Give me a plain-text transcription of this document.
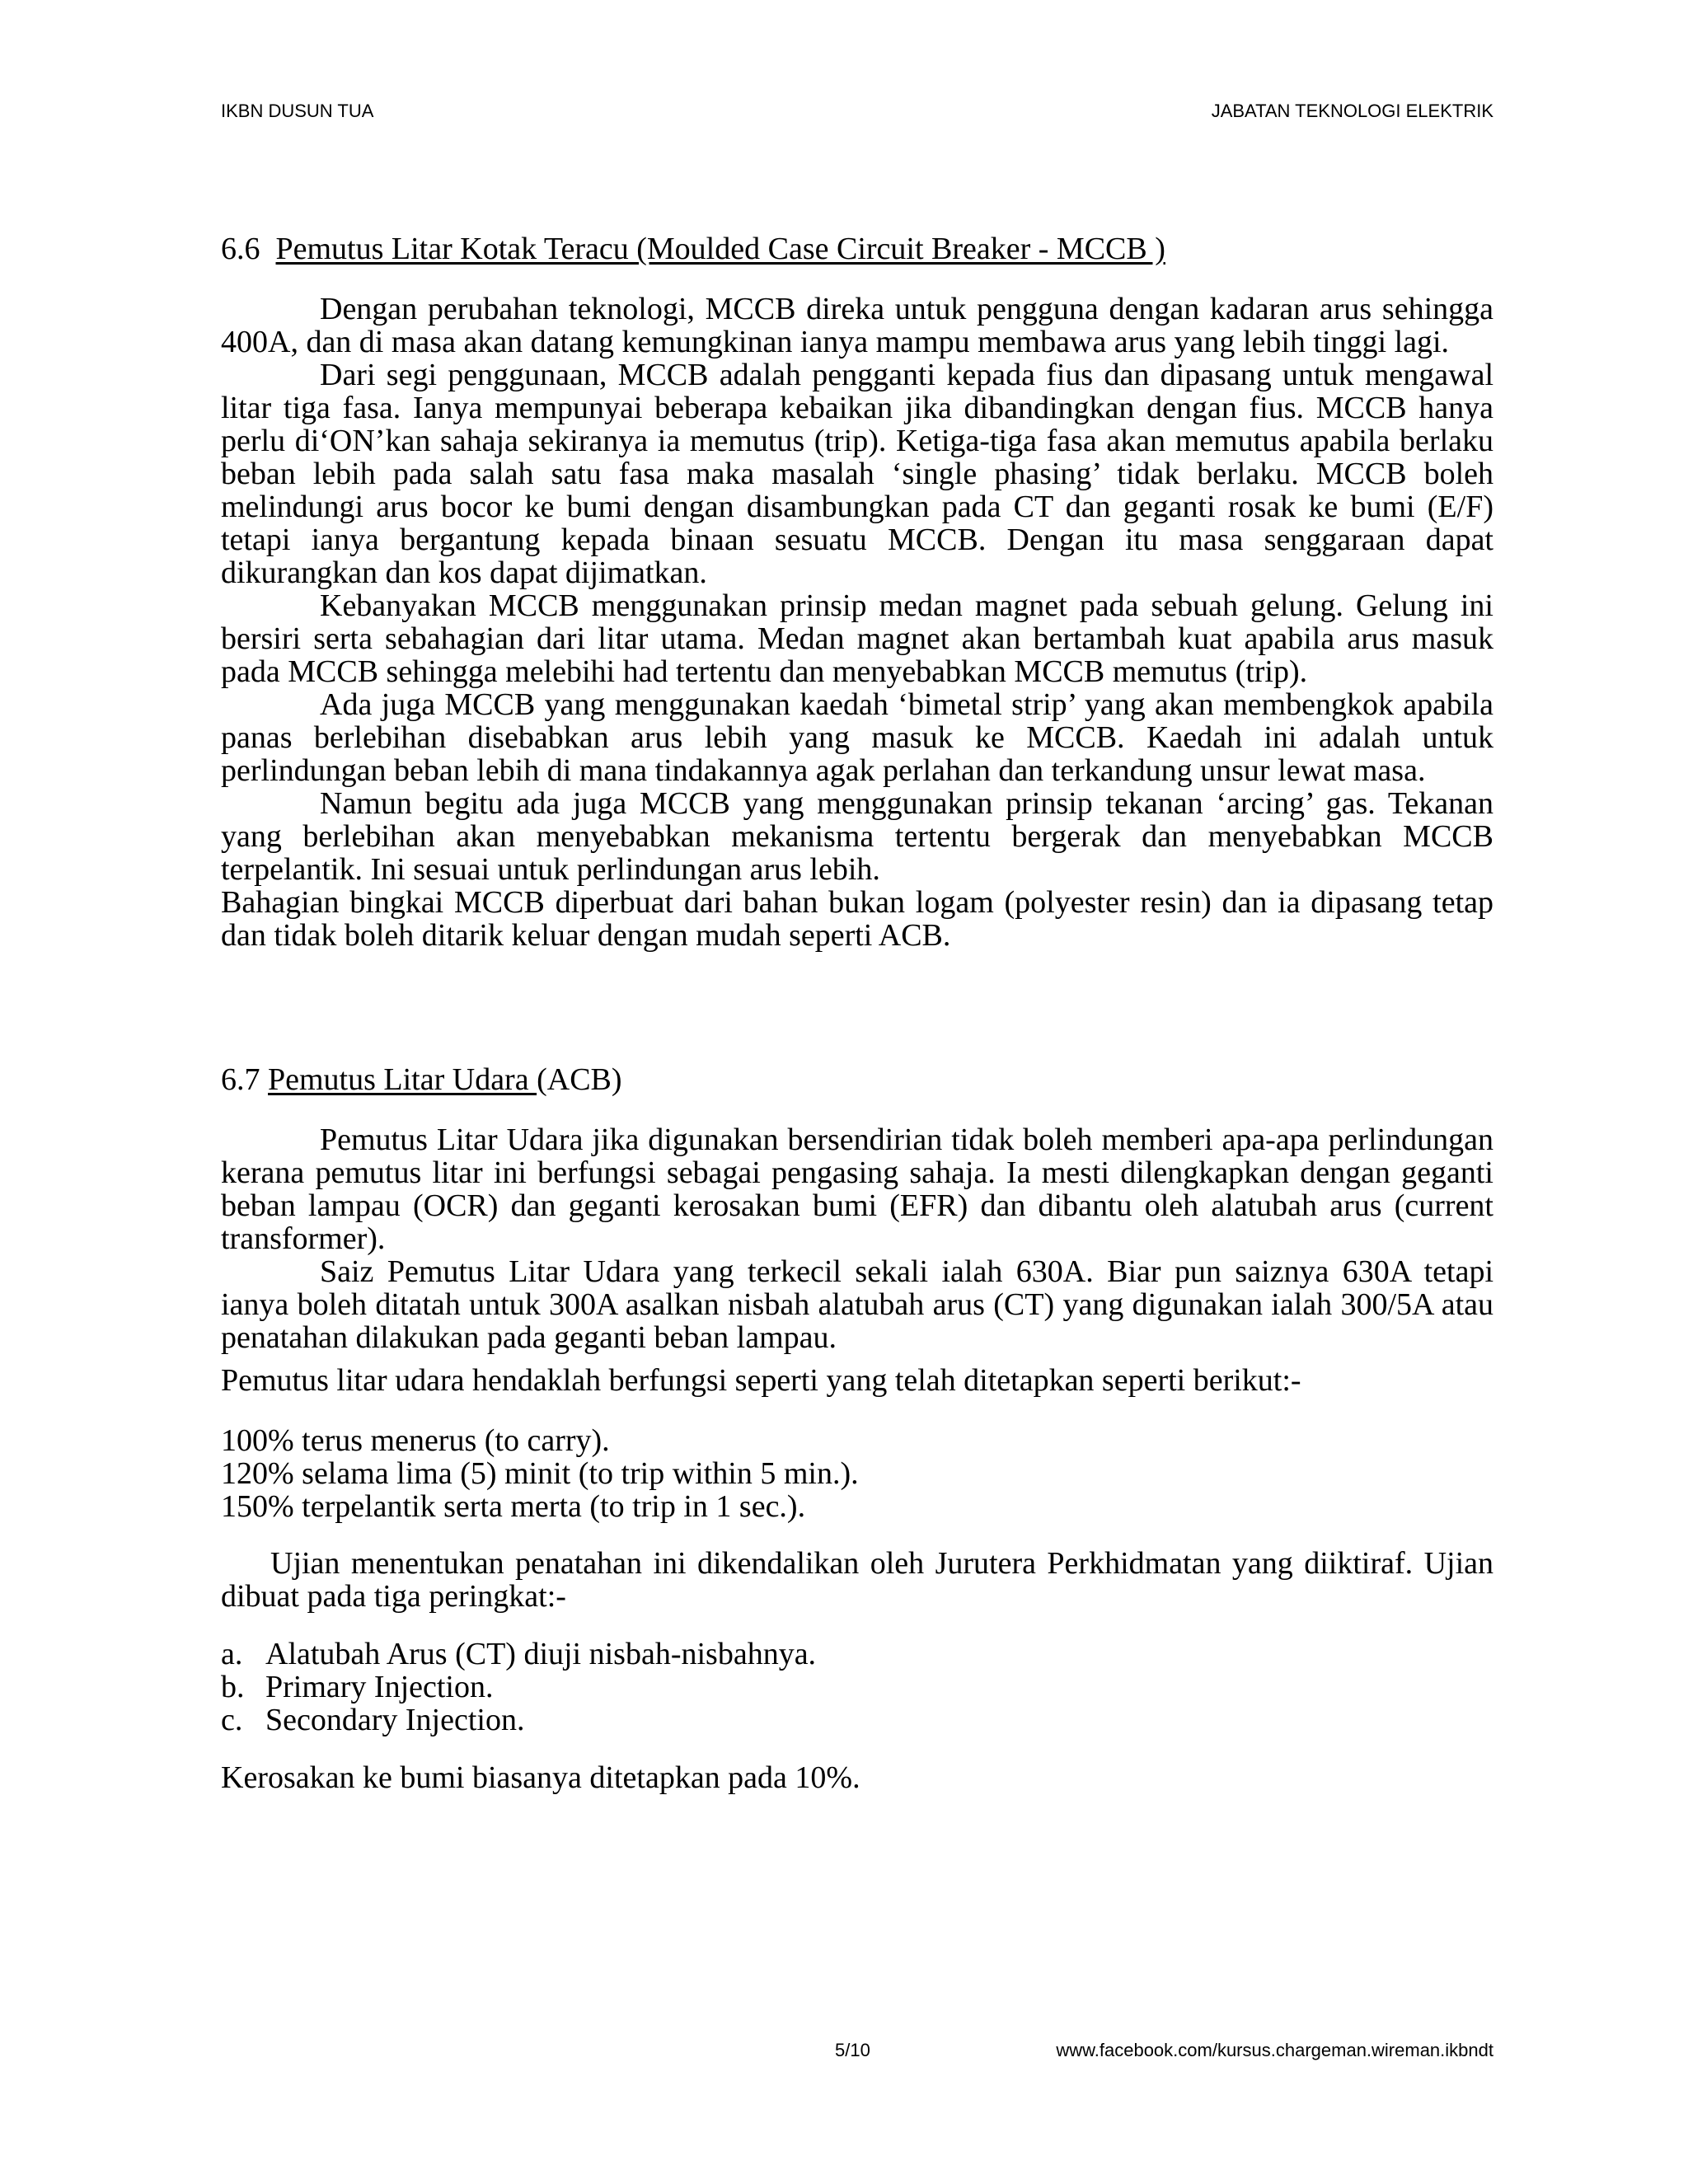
IKBN DUSUN TUA	JABATAN TEKNOLOGI ELEKTRIK
6.6 Pemutus Litar Kotak Teracu (Moulded Case Circuit Breaker - MCCB )

Dengan perubahan teknologi, MCCB direka untuk pengguna dengan kadaran arus sehingga 400A, dan di masa akan datang kemungkinan ianya mampu membawa arus yang lebih tinggi lagi.

Dari segi penggunaan, MCCB adalah pengganti kepada fius dan dipasang untuk mengawal litar tiga fasa. Ianya mempunyai beberapa kebaikan jika dibandingkan dengan fius. MCCB hanya perlu di‘ON’kan sahaja sekiranya ia memutus (trip). Ketiga-tiga fasa akan memutus apabila berlaku beban lebih pada salah satu fasa maka masalah ‘single phasing’ tidak berlaku. MCCB boleh melindungi arus bocor ke bumi dengan disambungkan pada CT dan geganti rosak ke bumi (E/F) tetapi ianya bergantung kepada binaan sesuatu MCCB. Dengan itu masa senggaraan dapat dikurangkan dan kos dapat dijimatkan.

Kebanyakan MCCB menggunakan prinsip medan magnet pada sebuah gelung. Gelung ini bersiri serta sebahagian dari litar utama. Medan magnet akan bertambah kuat apabila arus masuk pada MCCB sehingga melebihi had tertentu dan menyebabkan MCCB memutus (trip).

Ada juga MCCB yang menggunakan kaedah ‘bimetal strip’ yang akan membengkok apabila panas berlebihan disebabkan arus lebih yang masuk ke MCCB. Kaedah ini adalah untuk perlindungan beban lebih di mana tindakannya agak perlahan dan terkandung unsur lewat masa.

Namun begitu ada juga MCCB yang menggunakan prinsip tekanan ‘arcing’ gas. Tekanan yang berlebihan akan menyebabkan mekanisma tertentu bergerak dan menyebabkan MCCB terpelantik. Ini sesuai untuk perlindungan arus lebih.

Bahagian bingkai MCCB diperbuat dari bahan bukan logam (polyester resin) dan ia dipasang tetap dan tidak boleh ditarik keluar dengan mudah seperti ACB.

6.7 Pemutus Litar Udara (ACB)

Pemutus Litar Udara jika digunakan bersendirian tidak boleh memberi apa-apa perlindungan kerana pemutus litar ini berfungsi sebagai pengasing sahaja. Ia mesti dilengkapkan dengan geganti beban lampau (OCR) dan geganti kerosakan bumi (EFR) dan dibantu oleh alatubah arus (current transformer).

Saiz Pemutus Litar Udara yang terkecil sekali ialah 630A. Biar pun saiznya 630A tetapi ianya boleh ditatah untuk 300A asalkan nisbah alatubah arus (CT) yang digunakan ialah 300/5A atau penatahan dilakukan pada geganti beban lampau.

Pemutus litar udara hendaklah berfungsi seperti yang telah ditetapkan seperti berikut:-

100% terus menerus (to carry).

120% selama lima (5) minit (to trip within 5 min.).

150% terpelantik serta merta (to trip in 1 sec.).

Ujian menentukan penatahan ini dikendalikan oleh Jurutera Perkhidmatan yang diiktiraf. Ujian dibuat pada tiga peringkat:-

a. Alatubah Arus (CT) diuji nisbah-nisbahnya.
b. Primary Injection.
c. Secondary Injection.

Kerosakan ke bumi biasanya ditetapkan pada 10%.

5/10	www.facebook.com/kursus.chargeman.wireman.ikbndt
